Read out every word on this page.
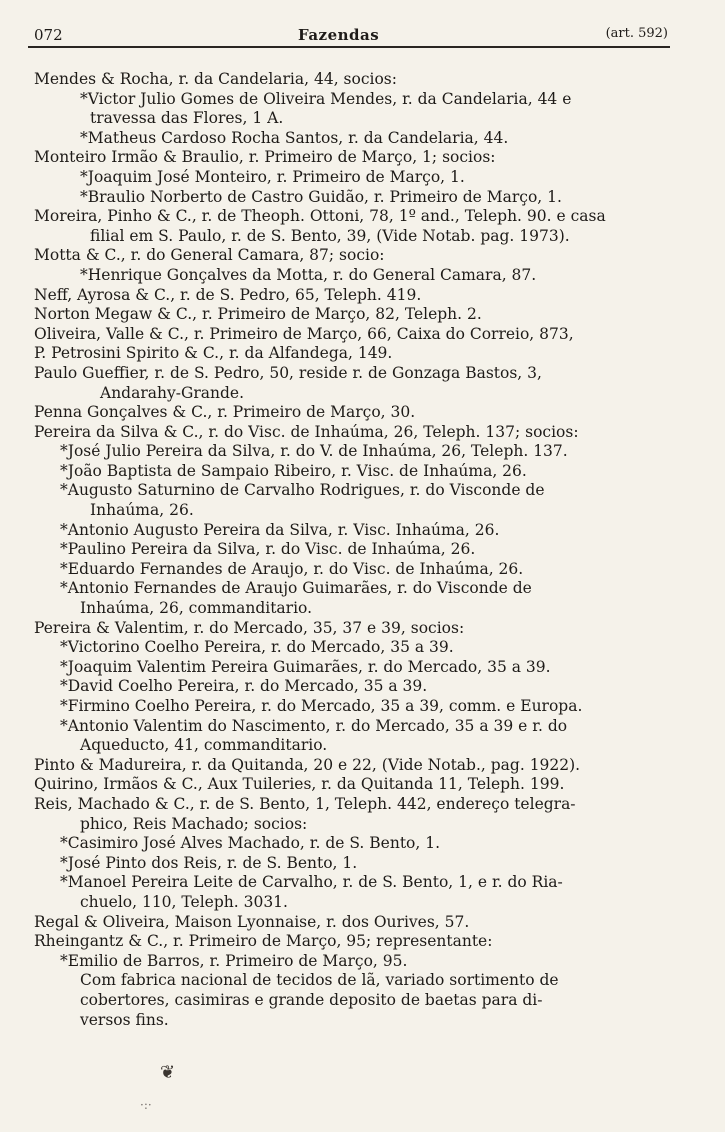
072	Fazendas	(art. 592)
Mendes & Rocha, r. da Candelaria, 44, socios:
*Victor Julio Gomes de Oliveira Mendes, r. da Candelaria, 44 e
travessa das Flores, 1 A.
*Matheus Cardoso Rocha Santos, r. da Candelaria, 44.
Monteiro Irmão & Braulio, r. Primeiro de Março, 1; socios:
*Joaquim José Monteiro, r. Primeiro de Março, 1.
*Braulio Norberto de Castro Guidão, r. Primeiro de Março, 1.
Moreira, Pinho & C., r. de Theoph. Ottoni, 78, 1º and., Teleph. 90. e casa
filial em S. Paulo, r. de S. Bento, 39, (Vide Notab. pag. 1973).
Motta & C., r. do General Camara, 87; socio:
*Henrique Gonçalves da Motta, r. do General Camara, 87.
Neff, Ayrosa & C., r. de S. Pedro, 65, Teleph. 419.
Norton Megaw & C., r. Primeiro de Março, 82, Teleph. 2.
Oliveira, Valle & C., r. Primeiro de Março, 66, Caixa do Correio, 873,
P. Petrosini Spirito & C., r. da Alfandega, 149.
Paulo Gueffier, r. de S. Pedro, 50, reside r. de Gonzaga Bastos, 3,
Andarahy-Grande.
Penna Gonçalves & C., r. Primeiro de Março, 30.
Pereira da Silva & C., r. do Visc. de Inhaúma, 26, Teleph. 137; socios:
*José Julio Pereira da Silva, r. do V. de Inhaúma, 26, Teleph. 137.
*João Baptista de Sampaio Ribeiro, r. Visc. de Inhaúma, 26.
*Augusto Saturnino de Carvalho Rodrigues, r. do Visconde de
Inhaúma, 26.
*Antonio Augusto Pereira da Silva, r. Visc. Inhaúma, 26.
*Paulino Pereira da Silva, r. do Visc. de Inhaúma, 26.
*Eduardo Fernandes de Araujo, r. do Visc. de Inhaúma, 26.
*Antonio Fernandes de Araujo Guimarães, r. do Visconde de
Inhaúma, 26, commanditario.
Pereira & Valentim, r. do Mercado, 35, 37 e 39, socios:
*Victorino Coelho Pereira, r. do Mercado, 35 a 39.
*Joaquim Valentim Pereira Guimarães, r. do Mercado, 35 a 39.
*David Coelho Pereira, r. do Mercado, 35 a 39.
*Firmino Coelho Pereira, r. do Mercado, 35 a 39, comm. e Europa.
*Antonio Valentim do Nascimento, r. do Mercado, 35 a 39 e r. do
Aqueducto, 41, commanditario.
Pinto & Madureira, r. da Quitanda, 20 e 22, (Vide Notab., pag. 1922).
Quirino, Irmãos & C., Aux Tuileries, r. da Quitanda 11, Teleph. 199.
Reis, Machado & C., r. de S. Bento, 1, Teleph. 442, endereço telegra-
phico, Reis Machado; socios:
*Casimiro José Alves Machado, r. de S. Bento, 1.
*José Pinto dos Reis, r. de S. Bento, 1.
*Manoel Pereira Leite de Carvalho, r. de S. Bento, 1, e r. do Ria-
chuelo, 110, Teleph. 3031.
Regal & Oliveira, Maison Lyonnaise, r. dos Ourives, 57.
Rheingantz & C., r. Primeiro de Março, 95; representante:
*Emilio de Barros, r. Primeiro de Março, 95.
Com fabrica nacional de tecidos de lã, variado sortimento de
cobertores, casimiras e grande deposito de baetas para di-
versos fins.
❦
·:·
